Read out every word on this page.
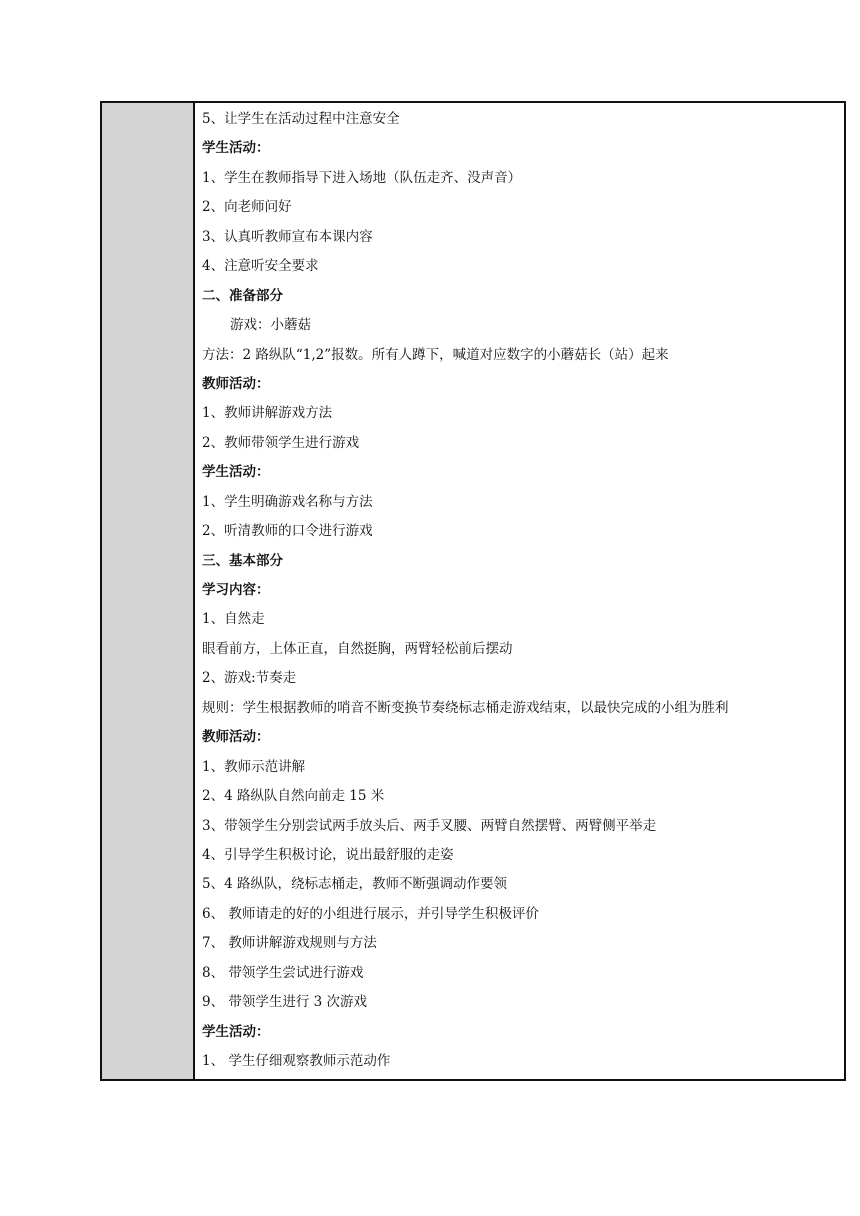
5、让学生在活动过程中注意安全
学生活动：
1、学生在教师指导下进入场地（队伍走齐、没声音）
2、向老师问好
3、认真听教师宣布本课内容
4、注意听安全要求
二、准备部分
游戏：小蘑菇
方法：2 路纵队“1,2”报数。所有人蹲下，喊道对应数字的小蘑菇长（站）起来
教师活动：
1、教师讲解游戏方法
2、教师带领学生进行游戏
学生活动：
1、学生明确游戏名称与方法
2、听清教师的口令进行游戏
三、基本部分
学习内容：
1、自然走
眼看前方，上体正直，自然挺胸，两臂轻松前后摆动
2、游戏:节奏走
规则：学生根据教师的哨音不断变换节奏绕标志桶走游戏结束，以最快完成的小组为胜利
教师活动：
1、教师示范讲解
2、4 路纵队自然向前走 15 米
3、带领学生分别尝试两手放头后、两手叉腰、两臂自然摆臂、两臂侧平举走
4、引导学生积极讨论，说出最舒服的走姿
5、4 路纵队，绕标志桶走，教师不断强调动作要领
6、 教师请走的好的小组进行展示，并引导学生积极评价
7、 教师讲解游戏规则与方法
8、 带领学生尝试进行游戏
9、 带领学生进行 3 次游戏
学生活动：
1、 学生仔细观察教师示范动作
